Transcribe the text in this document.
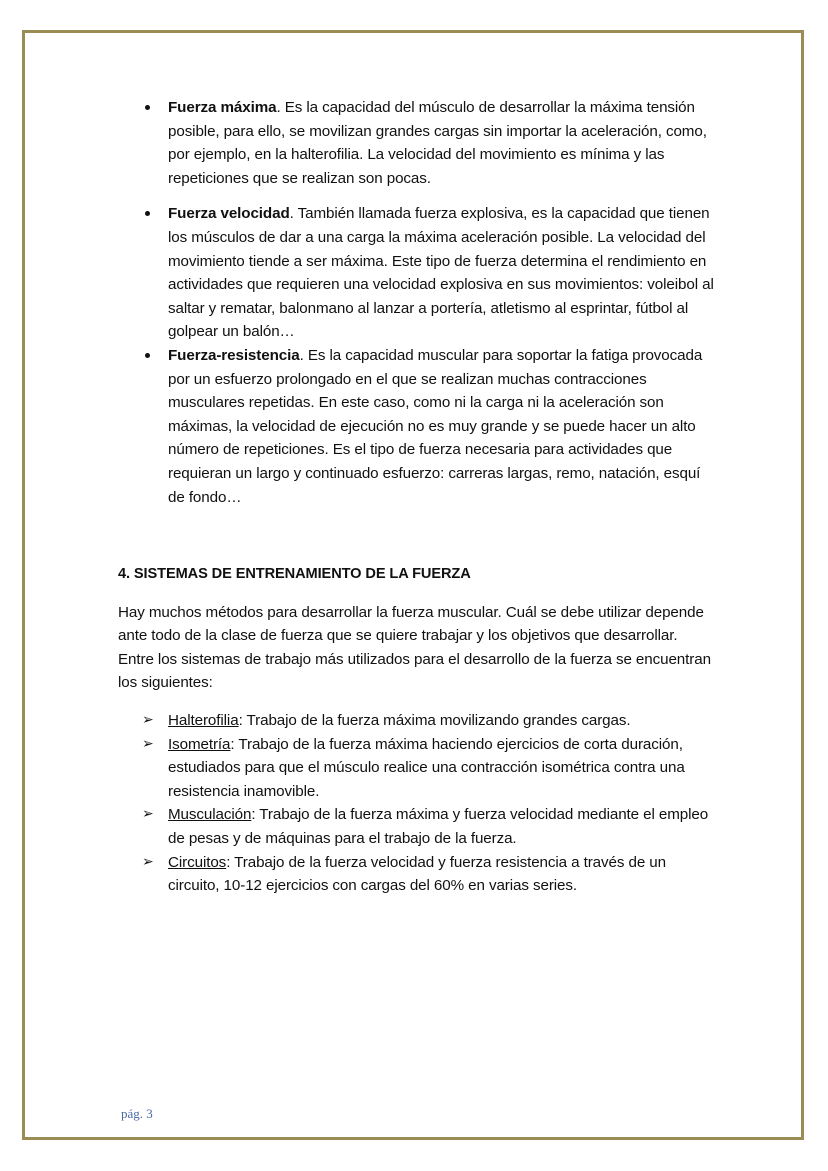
Fuerza máxima. Es la capacidad del músculo de desarrollar la máxima tensión posible, para ello, se movilizan grandes cargas sin importar la aceleración, como, por ejemplo, en la halterofilia. La velocidad del movimiento es mínima y las repeticiones que se realizan son pocas.
Fuerza velocidad. También llamada fuerza explosiva, es la capacidad que tienen los músculos de dar a una carga la máxima aceleración posible. La velocidad del movimiento tiende a ser máxima. Este tipo de fuerza determina el rendimiento en actividades que requieren una velocidad explosiva en sus movimientos: voleibol al saltar y rematar, balonmano al lanzar a portería, atletismo al esprintar, fútbol al golpear un balón…
Fuerza-resistencia. Es la capacidad muscular para soportar la fatiga provocada por un esfuerzo prolongado en el que se realizan muchas contracciones musculares repetidas. En este caso, como ni la carga ni la aceleración son máximas, la velocidad de ejecución no es muy grande y se puede hacer un alto número de repeticiones. Es el tipo de fuerza necesaria para actividades que requieran un largo y continuado esfuerzo: carreras largas, remo, natación, esquí de fondo…
4. SISTEMAS DE ENTRENAMIENTO DE LA FUERZA

Hay muchos métodos para desarrollar la fuerza muscular. Cuál se debe utilizar depende ante todo de la clase de fuerza que se quiere trabajar y los objetivos que desarrollar. Entre los sistemas de trabajo más utilizados para el desarrollo de la fuerza se encuentran los siguientes:

➢ Halterofilia: Trabajo de la fuerza máxima movilizando grandes cargas.
➢ Isometría: Trabajo de la fuerza máxima haciendo ejercicios de corta duración, estudiados para que el músculo realice una contracción isométrica contra una resistencia inamovible.
➢ Musculación: Trabajo de la fuerza máxima y fuerza velocidad mediante el empleo de pesas y de máquinas para el trabajo de la fuerza.
➢ Circuitos: Trabajo de la fuerza velocidad y fuerza resistencia a través de un circuito, 10-12 ejercicios con cargas del 60% en varias series.
pág. 3
